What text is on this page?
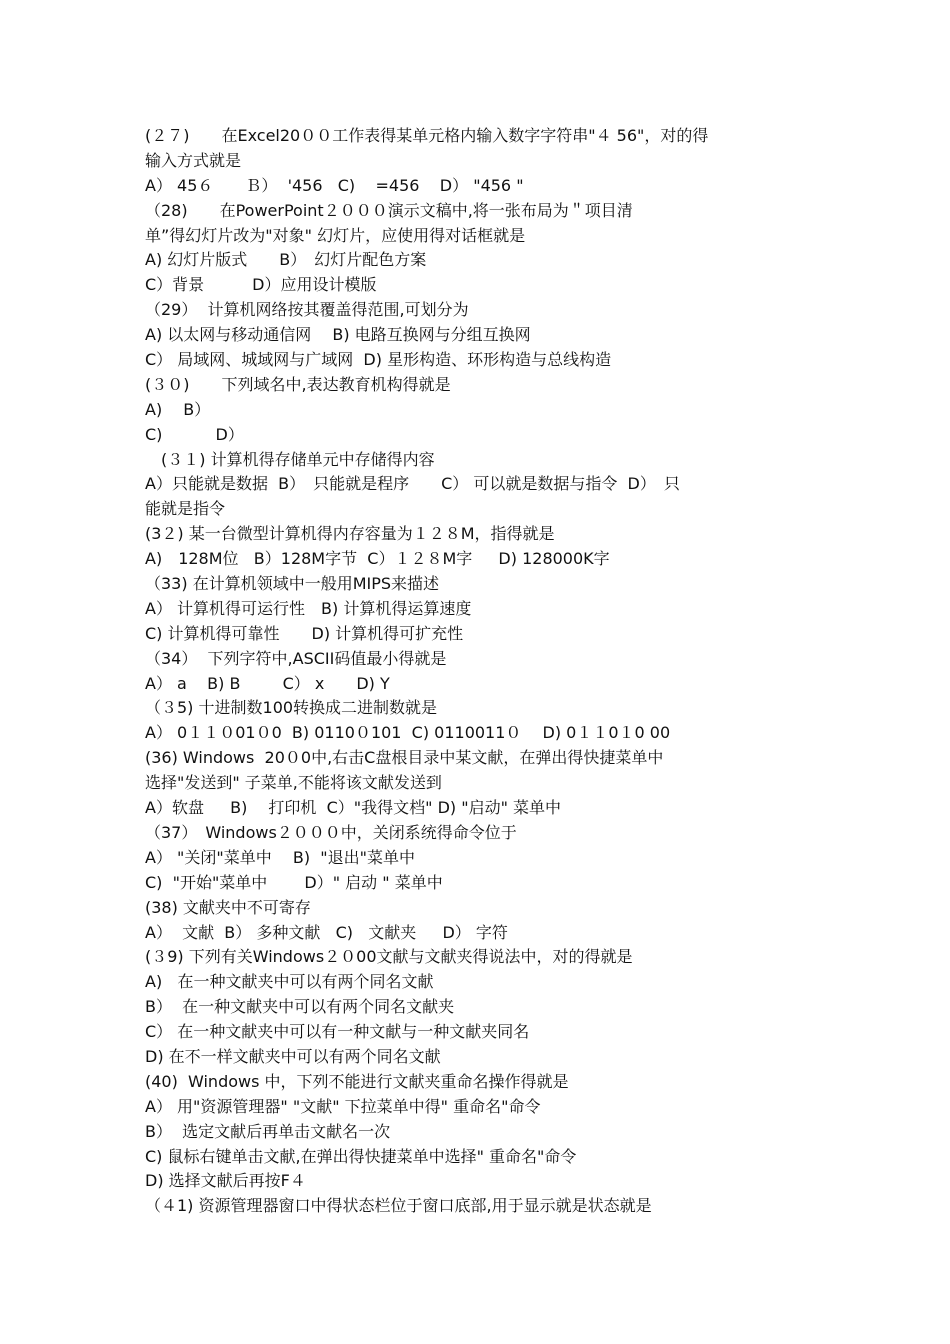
(２７)　　在Excel20００工作表得某单元格内输入数字字符串"４ 56"，对的得
输入方式就是
A） 45６　　Ｂ）  '456   C)    =456    D） "456 "
（28)　　在PowerPoint２０００演示文稿中,将一张布局为＂项目清
单”得幻灯片改为"对象" 幻灯片，应使用得对话框就是
A) 幻灯片版式　　B）　幻灯片配色方案
C）背景　　　D）应用设计模版
（29）  计算机网络按其覆盖得范围,可划分为
A) 以太网与移动通信网　 B) 电路互换网与分组互换网
C） 局域网、城域网与广域网  D) 星形构造、环形构造与总线构造
(３０)　　下列域名中,表达教育机构得就是
A)　 B）
C)　　　 D）
　(３１) 计算机得存储单元中存储得内容
A）只能就是数据  B）　只能就是程序　　C） 可以就是数据与指令  D）　只
能就是指令
(3２) 某一台微型计算机得内存容量为１２８M，指得就是
A)　128M位   B）128M字节  C）１２８M字　  D) 128000K字
（33) 在计算机领域中一般用MIPS来描述
A） 计算机得可运行性　B) 计算机得运算速度
C) 计算机得可靠性　　D) 计算机得可扩充性
（34）  下列字符中,ASCII码值最小得就是
A） a    B) B　　  C） x　　D) Y
（３5) 十进制数100转换成二进制数就是
A） 0１１０01０0  B) 0110０101  C) 0110011０　 D) 0１１0１0 00
(36) Windows  20０0中,右击C盘根目录中某文献，在弹出得快捷菜单中
选择"发送到" 子菜单,不能将该文献发送到
A）软盘　  B)　 打印机  C）"我得文档" D) "启动" 菜单中
（37）　Windows２０００中，关闭系统得命令位于
A） "关闭"菜单中　 B)  "退出"菜单中
C)  "开始"菜单中　　 D）" 启动 " 菜单中
(38) 文献夹中不可寄存
A）  文献  B） 多种文献   C)   文献夹 　 D） 字符
(３9) 下列有关Windows２０00文献与文献夹得说法中，对的得就是
A)   在一种文献夹中可以有两个同名文献
B）  在一种文献夹中可以有两个同名文献夹
C） 在一种文献夹中可以有一种文献与一种文献夹同名
D) 在不一样文献夹中可以有两个同名文献
(40)  Windows 中，下列不能进行文献夹重命名操作得就是
A） 用"资源管理器" "文献" 下拉菜单中得" 重命名"命令
B）  选定文献后再单击文献名一次
C) 鼠标右键单击文献,在弹出得快捷菜单中选择" 重命名"命令
D) 选择文献后再按F４
（４1) 资源管理器窗口中得状态栏位于窗口底部,用于显示就是状态就是
